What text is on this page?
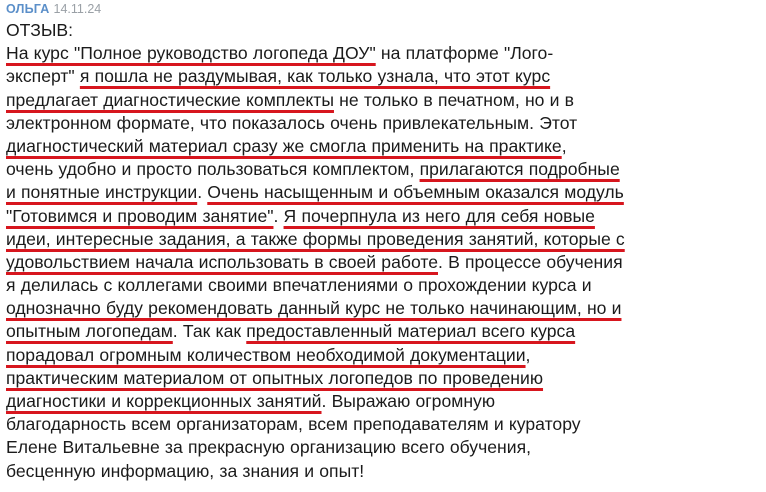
ОЛЬГА 14.11.24
ОТЗЫВ:
На курс "Полное руководство логопеда ДОУ" на платформе "Лого-
эксперт" я пошла не раздумывая, как только узнала, что этот курс
предлагает диагностические комплекты не только в печатном, но и в
электронном формате, что показалось очень привлекательным. Этот
диагностический материал сразу же смогла применить на практике,
очень удобно и просто пользоваться комплектом, прилагаются подробные
и понятные инструкции. Очень насыщенным и объемным оказался модуль
"Готовимся и проводим занятие". Я почерпнула из него для себя новые
идеи, интересные задания, а также формы проведения занятий, которые с
удовольствием начала использовать в своей работе. В процессе обучения
я делилась с коллегами своими впечатлениями о прохождении курса и
однозначно буду рекомендовать данный курс не только начинающим, но и
опытным логопедам. Так как предоставленный материал всего курса
порадовал огромным количеством необходимой документации,
практическим материалом от опытных логопедов по проведению
диагностики и коррекционных занятий. Выражаю огромную
благодарность всем организаторам, всем преподавателям и куратору
Елене Витальевне за прекрасную организацию всего обучения,
бесценную информацию, за знания и опыт!
